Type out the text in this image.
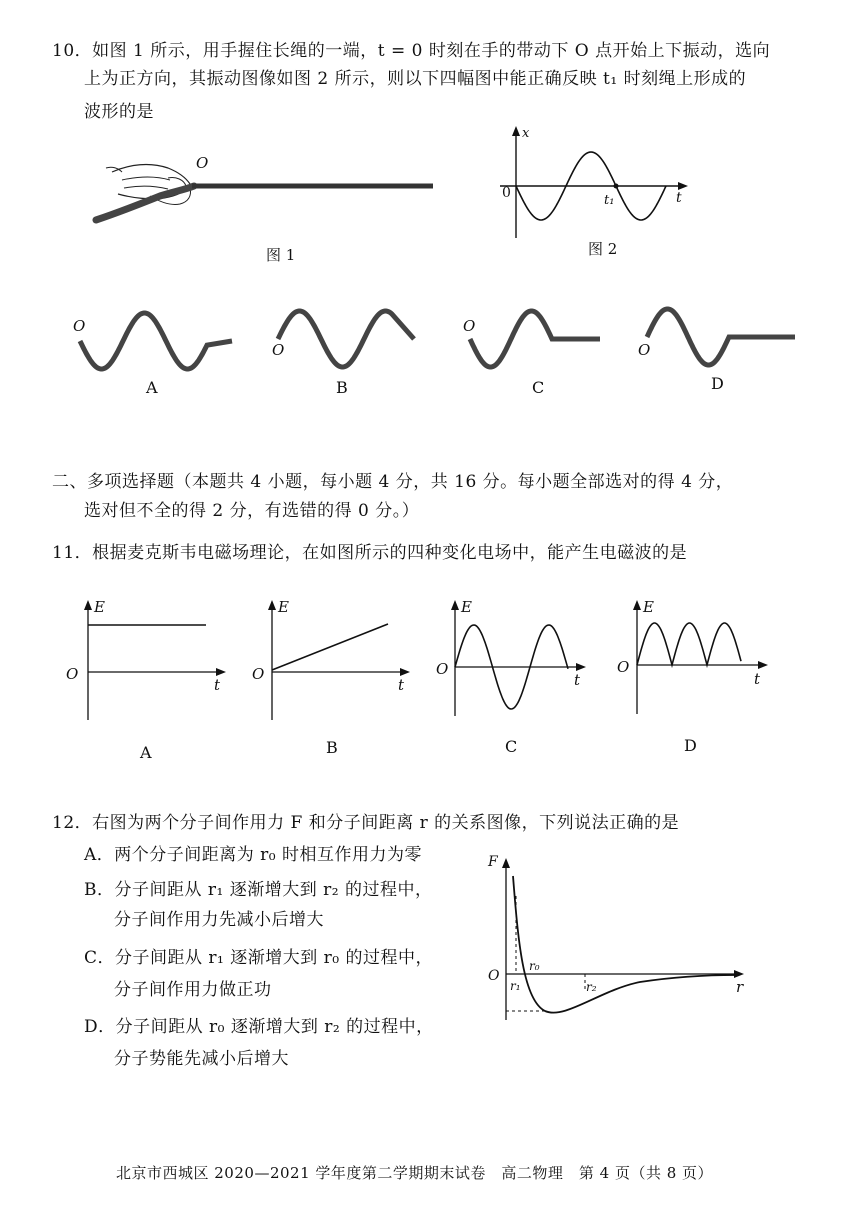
10．如图 1 所示，用手握住长绳的一端，t = 0 时刻在手的带动下 O 点开始上下振动，选向
上为正方向，其振动图像如图 2 所示，则以下四幅图中能正确反映 t₁ 时刻绳上形成的
波形的是
O
图 1
x
t
0	t₁
图 2
O
O
O
O
A	B	C	D
二、多项选择题（本题共 4 小题，每小题 4 分，共 16 分。每小题全部选对的得 4 分，
选对但不全的得 2 分，有选错的得 0 分。）
11．根据麦克斯韦电磁场理论，在如图所示的四种变化电场中，能产生电磁波的是
E
O
t
E
O
t
E
O
t
E
O
t
A	B	C	D
12．右图为两个分子间作用力 F 和分子间距离 r 的关系图像，下列说法正确的是
A．两个分子间距离为 r₀ 时相互作用力为零
B．分子间距从 r₁ 逐渐增大到 r₂ 的过程中，
分子间作用力先减小后增大
C．分子间距从 r₁ 逐渐增大到 r₀ 的过程中，
分子间作用力做正功
D．分子间距从 r₀ 逐渐增大到 r₂ 的过程中，
分子势能先减小后增大
F
O
r
r₀
r₁	r₂
北京市西城区 2020—2021 学年度第二学期期末试卷　高二物理　第 4 页（共 8 页）
